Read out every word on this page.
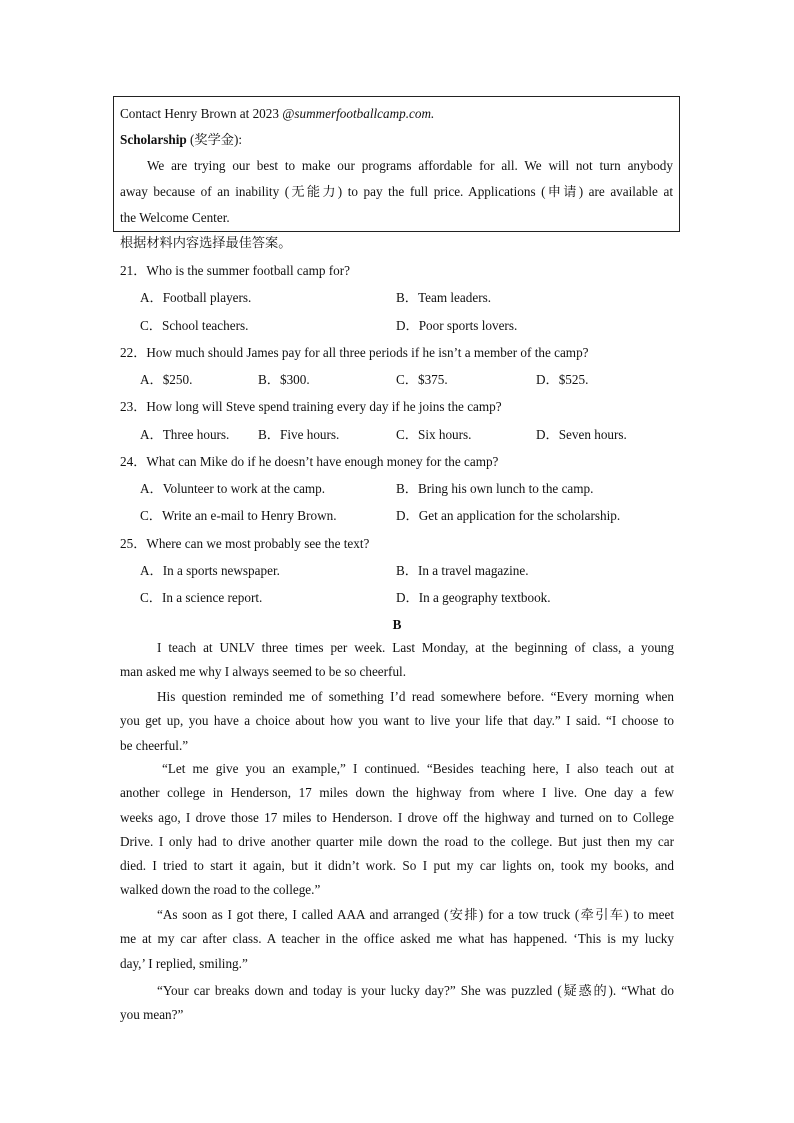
Contact Henry Brown at 2023 @summerfootballcamp.com.
Scholarship (奖学金):
We are trying our best to make our programs affordable for all. We will not turn anybody
away because of an inability (无能力) to pay the full price. Applications (申请) are available at
the Welcome Center.
根据材料内容选择最佳答案。
21．Who is the summer football camp for?
A．Football players.	B．Team leaders.
C．School teachers.	D．Poor sports lovers.
22．How much should James pay for all three periods if he isn’t a member of the camp?
A．$250.	B．$300.	C．$375.	D．$525.
23．How long will Steve spend training every day if he joins the camp?
A．Three hours. B．Five hours.	C．Six hours.	D．Seven hours.
24．What can Mike do if he doesn’t have enough money for the camp?
A．Volunteer to work at the camp.	B．Bring his own lunch to the camp.
C．Write an e-mail to Henry Brown.	D．Get an application for the scholarship.
25．Where can we most probably see the text?
A．In a sports newspaper.	B．In a travel magazine.
C．In a science report.	D．In a geography textbook.
B
I teach at UNLV three times per week. Last Monday, at the beginning of class, a young
man asked me why I always seemed to be so cheerful.
His question reminded me of something I’d read somewhere before. “Every morning when
you get up, you have a choice about how you want to live your life that day.” I said. “I choose to
be cheerful.”
“Let me give you an example,” I continued. “Besides teaching here, I also teach out at
another college in Henderson, 17 miles down the highway from where I live. One day a few
weeks ago, I drove those 17 miles to Henderson. I drove off the highway and turned on to College
Drive. I only had to drive another quarter mile down the road to the college. But just then my car
died. I tried to start it again, but it didn’t work. So I put my car lights on, took my books, and
walked down the road to the college.”
“As soon as I got there, I called AAA and arranged (安排) for a tow truck (牵引车) to meet
me at my car after class. A teacher in the office asked me what has happened. ‘This is my lucky
day,’ I replied, smiling.”
“Your car breaks down and today is your lucky day?” She was puzzled (疑惑的). “What do
you mean?”
